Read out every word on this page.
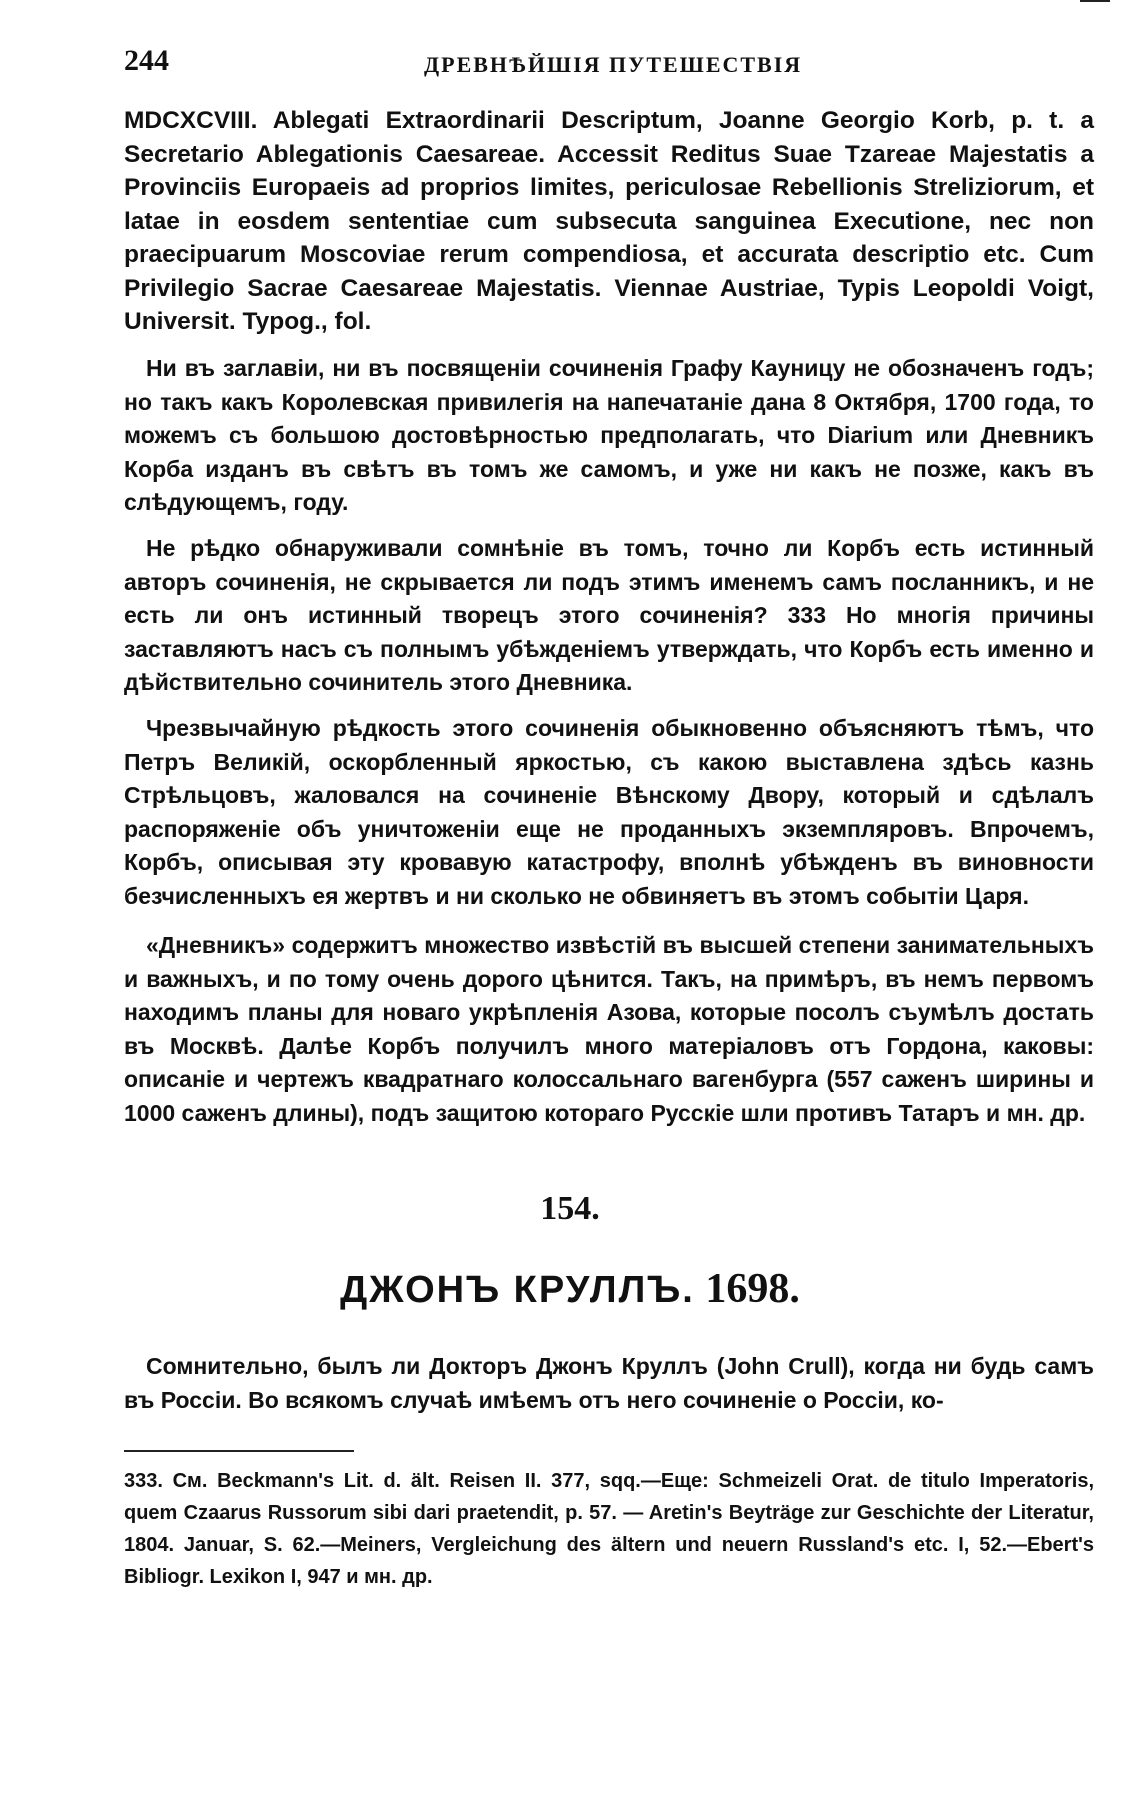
244	ДРЕВНѢЙШІЯ ПУТЕШЕСТВІЯ

MDCXCVIII. Ablegati Extraordinarii Descriptum, Joanne Georgio Korb, p. t. a Secretario Ablegationis Caesareae. Accessit Reditus Suae Tzareae Majestatis a Provinciis Europaeis ad proprios limites, periculosae Rebellionis Streliziorum, et latae in eosdem sententiae cum subsecuta sanguinea Executione, nec non praecipuarum Moscoviae rerum compendiosa, et accurata descriptio etc. Cum Privilegio Sacrae Caesareae Majestatis. Viennae Austriae, Typis Leopoldi Voigt, Universit. Typog., fol.

Ни въ заглавіи, ни въ посвященіи сочиненія Графу Кауницу не обозначенъ годъ; но такъ какъ Королевская привилегія на напечатаніе дана 8 Октября, 1700 года, то можемъ съ большою достовѣрностью предполагать, что Diarium или Дневникъ Корба изданъ въ свѣтъ въ томъ же самомъ, и уже ни какъ не позже, какъ въ слѣдующемъ, году.

Не рѣдко обнаруживали сомнѣніе въ томъ, точно ли Корбъ есть истинный авторъ сочиненія, не скрывается ли подъ этимъ именемъ самъ посланникъ, и не есть ли онъ истинный творецъ этого сочиненія? 333 Но многія причины заставляютъ насъ съ полнымъ убѣжденіемъ утверждать, что Корбъ есть именно и дѣйствительно сочинитель этого Дневника.

Чрезвычайную рѣдкость этого сочиненія обыкновенно объясняютъ тѣмъ, что Петръ Великій, оскорбленный яркостью, съ какою выставлена здѣсь казнь Стрѣльцовъ, жаловался на сочиненіе Вѣнскому Двору, который и сдѣлалъ распоряженіе объ уничтоженіи еще не проданныхъ экземпляровъ. Впрочемъ, Корбъ, описывая эту кровавую катастрофу, вполнѣ убѣжденъ въ виновности безчисленныхъ ея жертвъ и ни сколько не обвиняетъ въ этомъ событіи Царя.

«Дневникъ» содержитъ множество извѣстій въ высшей степени занимательныхъ и важныхъ, и по тому очень дорого цѣнится. Такъ, на примѣръ, въ немъ первомъ находимъ планы для новаго укрѣпленія Азова, которые посолъ съумѣлъ достать въ Москвѣ. Далѣе Корбъ получилъ много матеріаловъ отъ Гордона, каковы: описаніе и чертежъ квадратнаго колоссальнаго вагенбурга (557 саженъ ширины и 1000 саженъ длины), подъ защитою котораго Русскіе шли противъ Татаръ и мн. др.

154.
ДЖОНЪ КРУЛЛЪ. 1698.

Сомнительно, былъ ли Докторъ Джонъ Круллъ (John Crull), когда ни будь самъ въ Россіи. Во всякомъ случаѣ имѣемъ отъ него сочиненіе о Россіи, ко-

333. См. Beckmann's Lit. d. ält. Reisen II. 377, sqq.—Еще: Schmeizeli Orat. de titulo Imperatoris, quem Czaarus Russorum sibi dari praetendit, p. 57. — Aretin's Beyträge zur Geschichte der Literatur, 1804. Januar, S. 62.—Meiners, Vergleichung des ältern und neuern Russland's etc. I, 52.—Ebert's Bibliogr. Lexikon I, 947 и мн. др.
